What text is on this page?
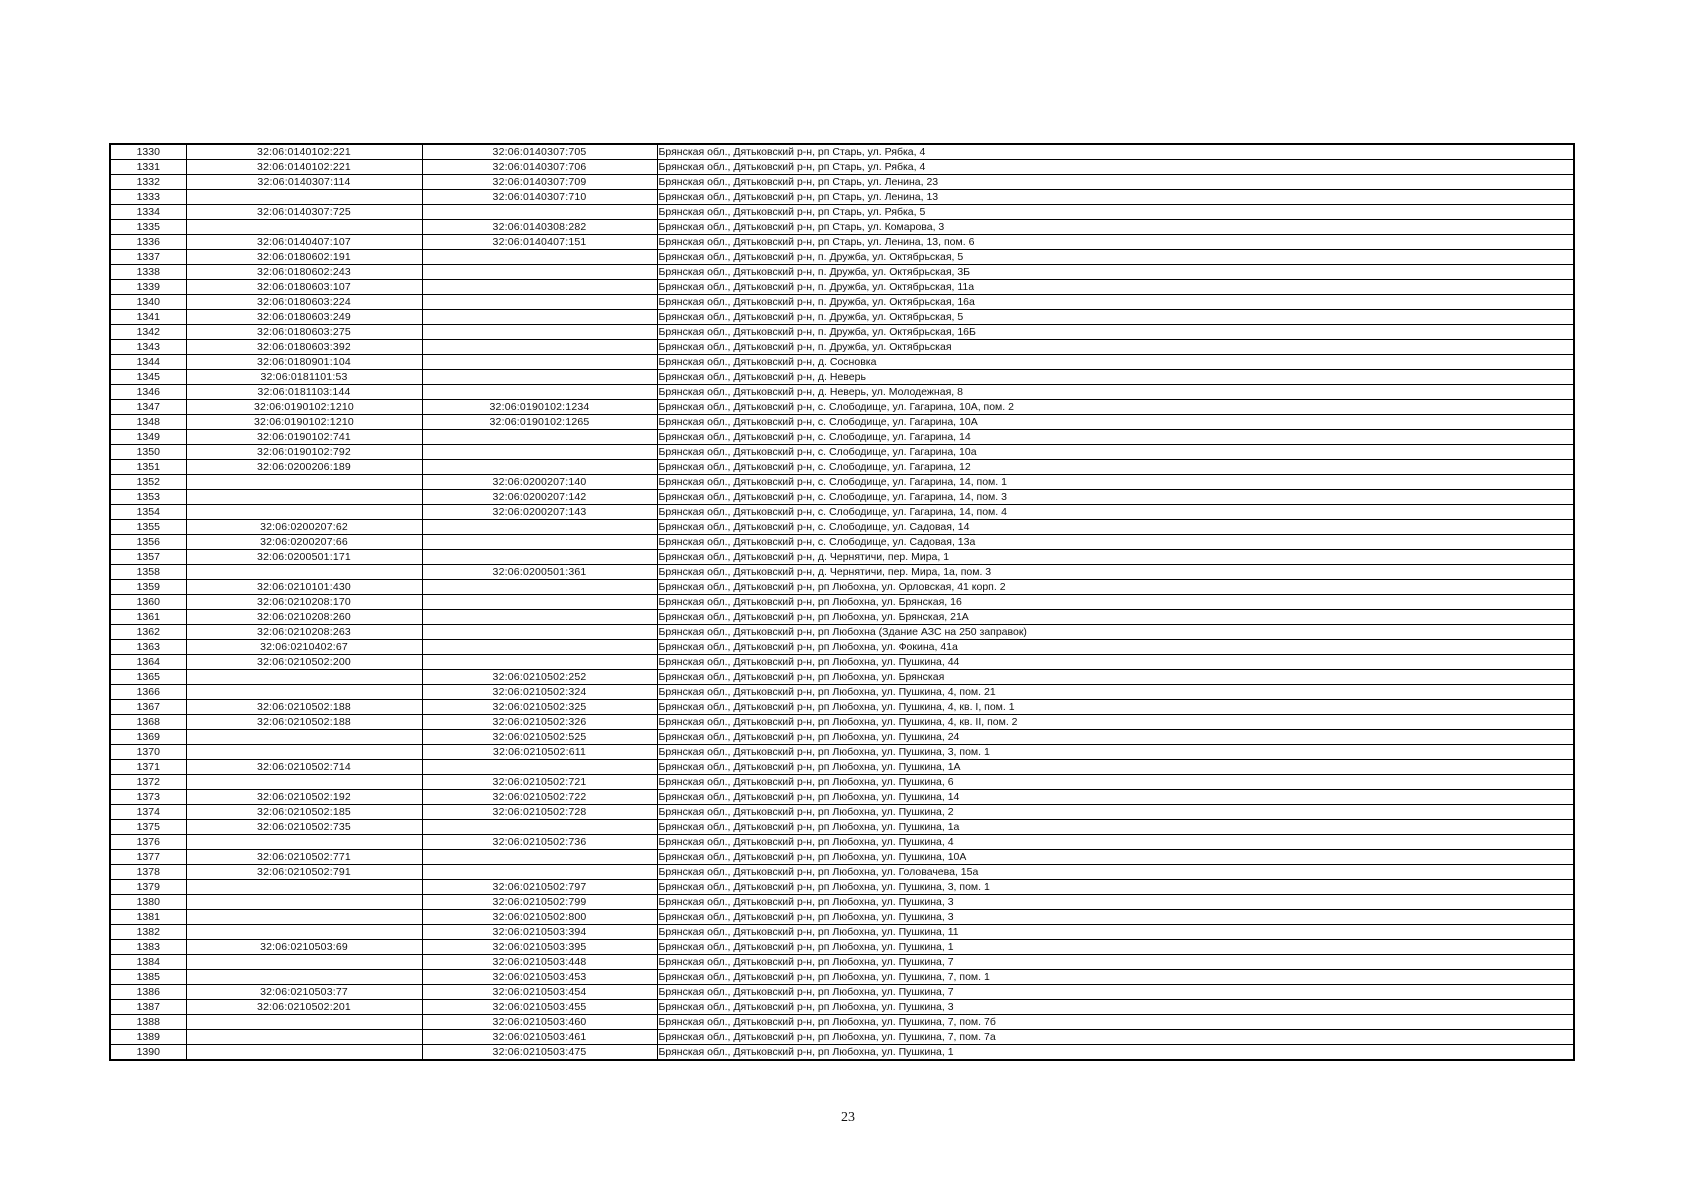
1330	32:06:0140102:221	32:06:0140307:705	Брянская обл., Дятьковский р-н, рп Старь, ул. Рябка, 4
1331	32:06:0140102:221	32:06:0140307:706	Брянская обл., Дятьковский р-н, рп Старь, ул. Рябка, 4
1332	32:06:0140307:114	32:06:0140307:709	Брянская обл., Дятьковский р-н, рп Старь, ул. Ленина, 23
1333		32:06:0140307:710	Брянская обл., Дятьковский р-н, рп Старь, ул. Ленина, 13
1334	32:06:0140307:725		Брянская обл., Дятьковский р-н, рп Старь, ул. Рябка, 5
1335		32:06:0140308:282	Брянская обл., Дятьковский р-н, рп Старь, ул. Комарова, 3
1336	32:06:0140407:107	32:06:0140407:151	Брянская обл., Дятьковский р-н, рп Старь, ул. Ленина, 13, пом. 6
1337	32:06:0180602:191		Брянская обл., Дятьковский р-н, п. Дружба, ул. Октябрьская, 5
1338	32:06:0180602:243		Брянская обл., Дятьковский р-н, п. Дружба, ул. Октябрьская, 3Б
1339	32:06:0180603:107		Брянская обл., Дятьковский р-н, п. Дружба, ул. Октябрьская, 11а
1340	32:06:0180603:224		Брянская обл., Дятьковский р-н, п. Дружба, ул. Октябрьская, 16а
1341	32:06:0180603:249		Брянская обл., Дятьковский р-н, п. Дружба, ул. Октябрьская, 5
1342	32:06:0180603:275		Брянская обл., Дятьковский р-н, п. Дружба, ул. Октябрьская, 16Б
1343	32:06:0180603:392		Брянская обл., Дятьковский р-н, п. Дружба, ул. Октябрьская
1344	32:06:0180901:104		Брянская обл., Дятьковский р-н, д. Сосновка
1345	32:06:0181101:53		Брянская обл., Дятьковский р-н, д. Неверь
1346	32:06:0181103:144		Брянская обл., Дятьковский р-н, д. Неверь, ул. Молодежная, 8
1347	32:06:0190102:1210	32:06:0190102:1234	Брянская обл., Дятьковский р-н, с. Слободище, ул. Гагарина, 10А, пом. 2
1348	32:06:0190102:1210	32:06:0190102:1265	Брянская обл., Дятьковский р-н, с. Слободище, ул. Гагарина, 10А
1349	32:06:0190102:741		Брянская обл., Дятьковский р-н, с. Слободище, ул. Гагарина, 14
1350	32:06:0190102:792		Брянская обл., Дятьковский р-н, с. Слободище, ул. Гагарина, 10а
1351	32:06:0200206:189		Брянская обл., Дятьковский р-н, с. Слободище, ул. Гагарина, 12
1352		32:06:0200207:140	Брянская обл., Дятьковский р-н, с. Слободище, ул. Гагарина, 14, пом. 1
1353		32:06:0200207:142	Брянская обл., Дятьковский р-н, с. Слободище, ул. Гагарина, 14, пом. 3
1354		32:06:0200207:143	Брянская обл., Дятьковский р-н, с. Слободище, ул. Гагарина, 14, пом. 4
1355	32:06:0200207:62		Брянская обл., Дятьковский р-н, с. Слободище, ул. Садовая, 14
1356	32:06:0200207:66		Брянская обл., Дятьковский р-н, с. Слободище, ул. Садовая, 13а
1357	32:06:0200501:171		Брянская обл., Дятьковский р-н, д. Чернятичи, пер. Мира, 1
1358		32:06:0200501:361	Брянская обл., Дятьковский р-н, д. Чернятичи, пер. Мира, 1а, пом. 3
1359	32:06:0210101:430		Брянская обл., Дятьковский р-н, рп Любохна, ул. Орловская, 41 корп. 2
1360	32:06:0210208:170		Брянская обл., Дятьковский р-н, рп Любохна, ул. Брянская, 16
1361	32:06:0210208:260		Брянская обл., Дятьковский р-н, рп Любохна, ул. Брянская, 21А
1362	32:06:0210208:263		Брянская обл., Дятьковский р-н, рп Любохна (Здание АЗС на 250 заправок)
1363	32:06:0210402:67		Брянская обл., Дятьковский р-н, рп Любохна, ул. Фокина, 41а
1364	32:06:0210502:200		Брянская обл., Дятьковский р-н, рп Любохна, ул. Пушкина, 44
1365		32:06:0210502:252	Брянская обл., Дятьковский р-н, рп Любохна, ул. Брянская
1366		32:06:0210502:324	Брянская обл., Дятьковский р-н, рп Любохна, ул. Пушкина, 4, пом. 21
1367	32:06:0210502:188	32:06:0210502:325	Брянская обл., Дятьковский р-н, рп Любохна, ул. Пушкина, 4, кв. I, пом. 1
1368	32:06:0210502:188	32:06:0210502:326	Брянская обл., Дятьковский р-н, рп Любохна, ул. Пушкина, 4, кв. II, пом. 2
1369		32:06:0210502:525	Брянская обл., Дятьковский р-н, рп Любохна, ул. Пушкина, 24
1370		32:06:0210502:611	Брянская обл., Дятьковский р-н, рп Любохна, ул. Пушкина, 3, пом. 1
1371	32:06:0210502:714		Брянская обл., Дятьковский р-н, рп Любохна, ул. Пушкина, 1А
1372		32:06:0210502:721	Брянская обл., Дятьковский р-н, рп Любохна, ул. Пушкина, 6
1373	32:06:0210502:192	32:06:0210502:722	Брянская обл., Дятьковский р-н, рп Любохна, ул. Пушкина, 14
1374	32:06:0210502:185	32:06:0210502:728	Брянская обл., Дятьковский р-н, рп Любохна, ул. Пушкина, 2
1375	32:06:0210502:735		Брянская обл., Дятьковский р-н, рп Любохна, ул. Пушкина, 1а
1376		32:06:0210502:736	Брянская обл., Дятьковский р-н, рп Любохна, ул. Пушкина, 4
1377	32:06:0210502:771		Брянская обл., Дятьковский р-н, рп Любохна, ул. Пушкина, 10А
1378	32:06:0210502:791		Брянская обл., Дятьковский р-н, рп Любохна, ул. Головачева, 15а
1379		32:06:0210502:797	Брянская обл., Дятьковский р-н, рп Любохна, ул. Пушкина, 3, пом. 1
1380		32:06:0210502:799	Брянская обл., Дятьковский р-н, рп Любохна, ул. Пушкина, 3
1381		32:06:0210502:800	Брянская обл., Дятьковский р-н, рп Любохна, ул. Пушкина, 3
1382		32:06:0210503:394	Брянская обл., Дятьковский р-н, рп Любохна, ул. Пушкина, 11
1383	32:06:0210503:69	32:06:0210503:395	Брянская обл., Дятьковский р-н, рп Любохна, ул. Пушкина, 1
1384		32:06:0210503:448	Брянская обл., Дятьковский р-н, рп Любохна, ул. Пушкина, 7
1385		32:06:0210503:453	Брянская обл., Дятьковский р-н, рп Любохна, ул. Пушкина, 7, пом. 1
1386	32:06:0210503:77	32:06:0210503:454	Брянская обл., Дятьковский р-н, рп Любохна, ул. Пушкина, 7
1387	32:06:0210502:201	32:06:0210503:455	Брянская обл., Дятьковский р-н, рп Любохна, ул. Пушкина, 3
1388		32:06:0210503:460	Брянская обл., Дятьковский р-н, рп Любохна, ул. Пушкина, 7, пом. 7б
1389		32:06:0210503:461	Брянская обл., Дятьковский р-н, рп Любохна, ул. Пушкина, 7, пом. 7а
1390		32:06:0210503:475	Брянская обл., Дятьковский р-н, рп Любохна, ул. Пушкина, 1
23
